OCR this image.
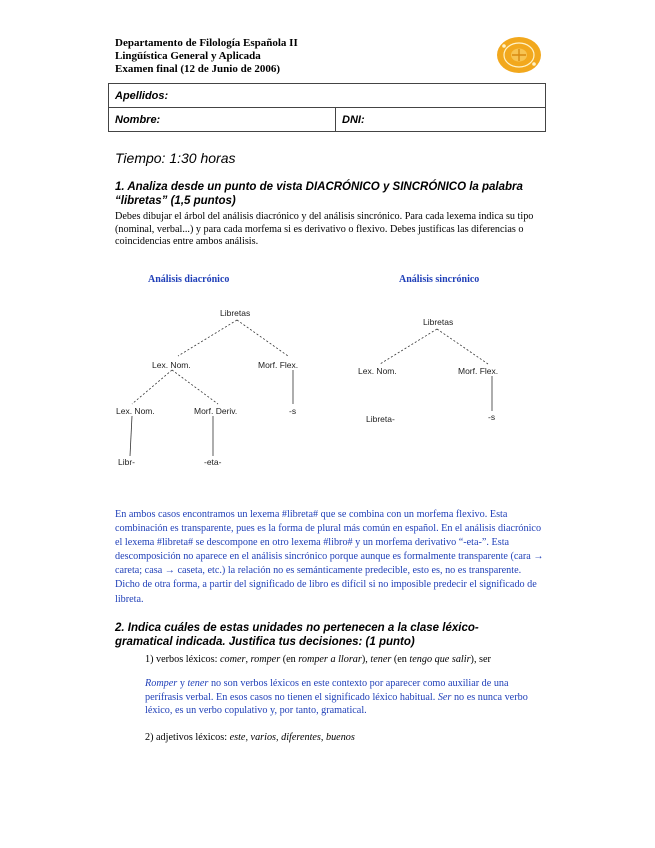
Departamento de Filología Española II
Lingüística General y Aplicada
Examen final (12 de Junio de 2006)
Apellidos:
Nombre:	DNI:
Tiempo: 1:30 horas
1. Analiza desde un punto de vista DIACRÓNICO y SINCRÓNICO la palabra “libretas” (1,5 puntos)
Debes dibujar el árbol del análisis diacrónico y del análisis sincrónico. Para cada lexema indica su tipo (nominal, verbal...) y para cada morfema si es derivativo o flexivo. Debes justificas las diferencias o coincidencias entre ambos análisis.
Análisis diacrónico	Análisis sincrónico
Libretas
Lex. Nom.	Morf. Flex.
Lex. Nom.	Morf. Deriv.	-s
Libr-	-eta-
Libretas
Lex. Nom.	Morf. Flex.
Libreta-	-s
En ambos casos encontramos un lexema #libreta# que se combina con un morfema flexivo. Esta combinación es transparente, pues es la forma de plural más común en español. En el análisis diacrónico el lexema #libreta# se descompone en otro lexema #libro# y un morfema derivativo “-eta-”. Esta descomposición no aparece en el análisis sincrónico porque aunque es formalmente transparente (cara → careta; casa → caseta, etc.) la relación no es semánticamente predecible, esto es, no es transparente. Dicho de otra forma, a partir del significado de libro es difícil si no imposible predecir el significado de libreta.
2. Indica cuáles de estas unidades no pertenecen a la clase léxico-gramatical indicada. Justifica tus decisiones: (1 punto)
1) verbos léxicos: comer, romper (en romper a llorar), tener (en tengo que salir), ser
Romper y tener no son verbos léxicos en este contexto por aparecer como auxiliar de una perífrasis verbal. En esos casos no tienen el significado léxico habitual. Ser no es nunca verbo léxico, es un verbo copulativo y, por tanto, gramatical.
2) adjetivos léxicos: este, varios, diferentes, buenos
